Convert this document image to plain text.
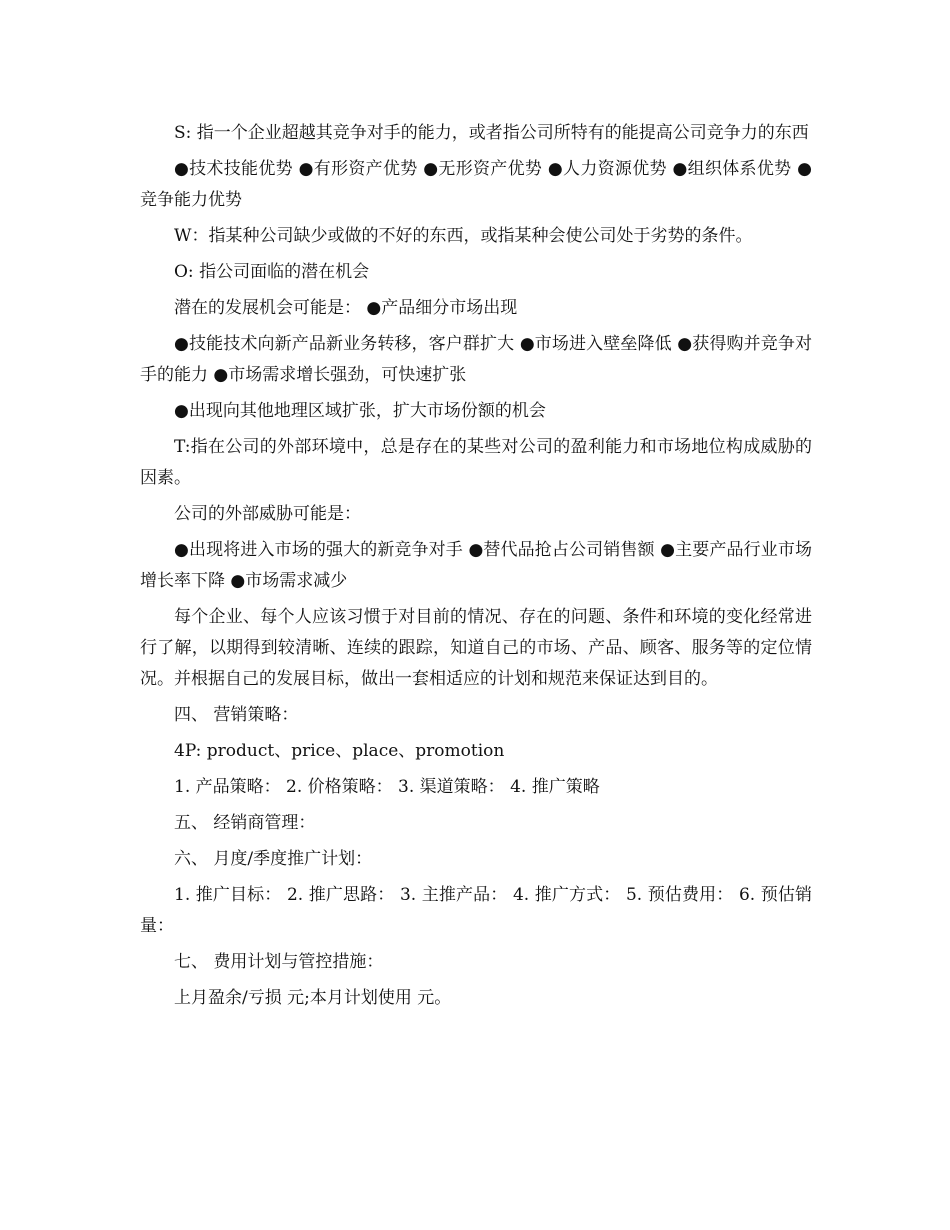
S: 指一个企业超越其竞争对手的能力，或者指公司所特有的能提高公司竞争力的东西

●技术技能优势 ●有形资产优势 ●无形资产优势 ●人力资源优势 ●组织体系优势 ●竞争能力优势

W：指某种公司缺少或做的不好的东西，或指某种会使公司处于劣势的条件。

O: 指公司面临的潜在机会

潜在的发展机会可能是： ●产品细分市场出现

●技能技术向新产品新业务转移，客户群扩大 ●市场进入壁垒降低 ●获得购并竞争对手的能力 ●市场需求增长强劲，可快速扩张

●出现向其他地理区域扩张，扩大市场份额的机会

T:指在公司的外部环境中，总是存在的某些对公司的盈利能力和市场地位构成威胁的因素。

公司的外部威胁可能是：

●出现将进入市场的强大的新竞争对手 ●替代品抢占公司销售额 ●主要产品行业市场增长率下降 ●市场需求减少

每个企业、每个人应该习惯于对目前的情况、存在的问题、条件和环境的变化经常进行了解，以期得到较清晰、连续的跟踪，知道自己的市场、产品、顾客、服务等的定位情况。并根据自己的发展目标，做出一套相适应的计划和规范来保证达到目的。

四、 营销策略：

4P: product、price、place、promotion

1. 产品策略： 2. 价格策略： 3. 渠道策略： 4. 推广策略

五、 经销商管理：

六、 月度/季度推广计划：

1. 推广目标： 2. 推广思路： 3. 主推产品： 4. 推广方式： 5. 预估费用： 6. 预估销量：

七、 费用计划与管控措施：

上月盈余/亏损 元;本月计划使用 元。
